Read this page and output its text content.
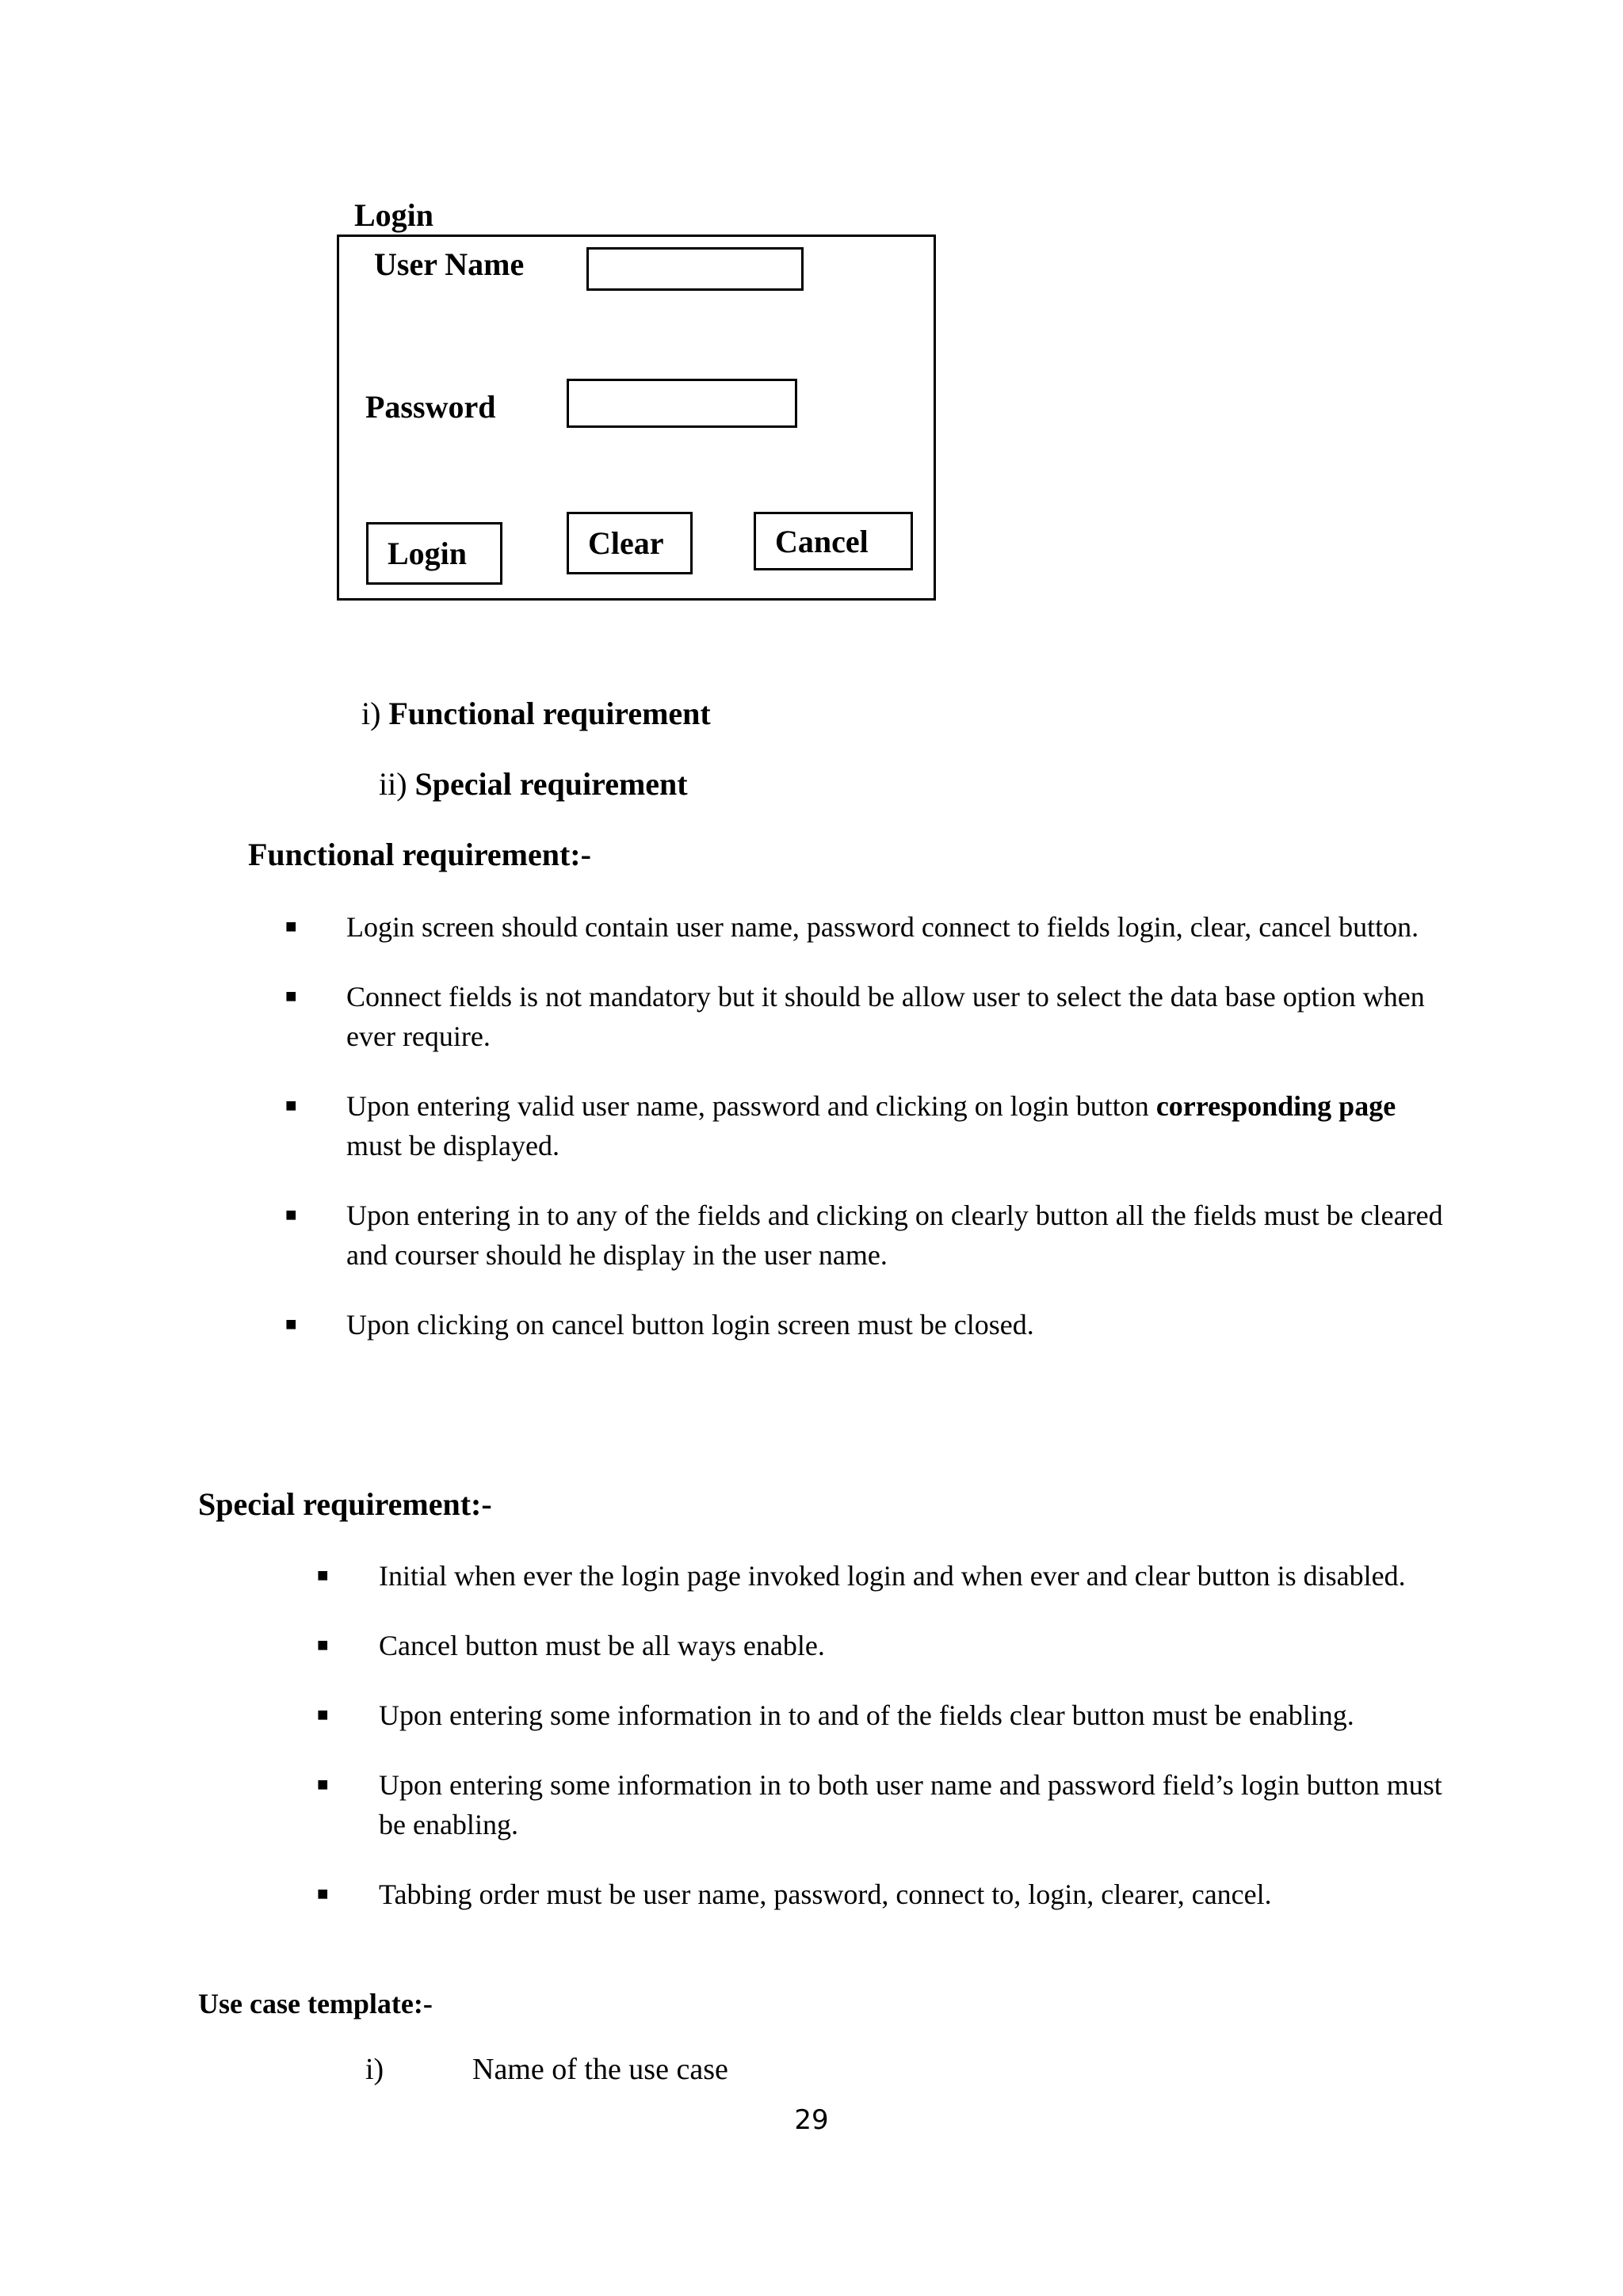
Login
User Name
Password
Login	Clear	Cancel
i) Functional requirement
ii) Special requirement
Functional requirement:-
■ Login screen should contain user name, password connect to fields login, clear, cancel button.
■ Connect fields is not mandatory but it should be allow user to select the data base option when ever require.
■ Upon entering valid user name, password and clicking on login button corresponding page must be displayed.
■ Upon entering in to any of the fields and clicking on clearly button all the fields must be cleared and courser should he display in the user name.
■ Upon clicking on cancel button login screen must be closed.
Special requirement:-
■ Initial when ever the login page invoked login and when ever and clear button is disabled.
■ Cancel button must be all ways enable.
■ Upon entering some information in to and of the fields clear button must be enabling.
■ Upon entering some information in to both user name and password field’s login button must be enabling.
■ Tabbing order must be user name, password, connect to, login, clearer, cancel.
Use case template:-
i)	Name of the use case
29
